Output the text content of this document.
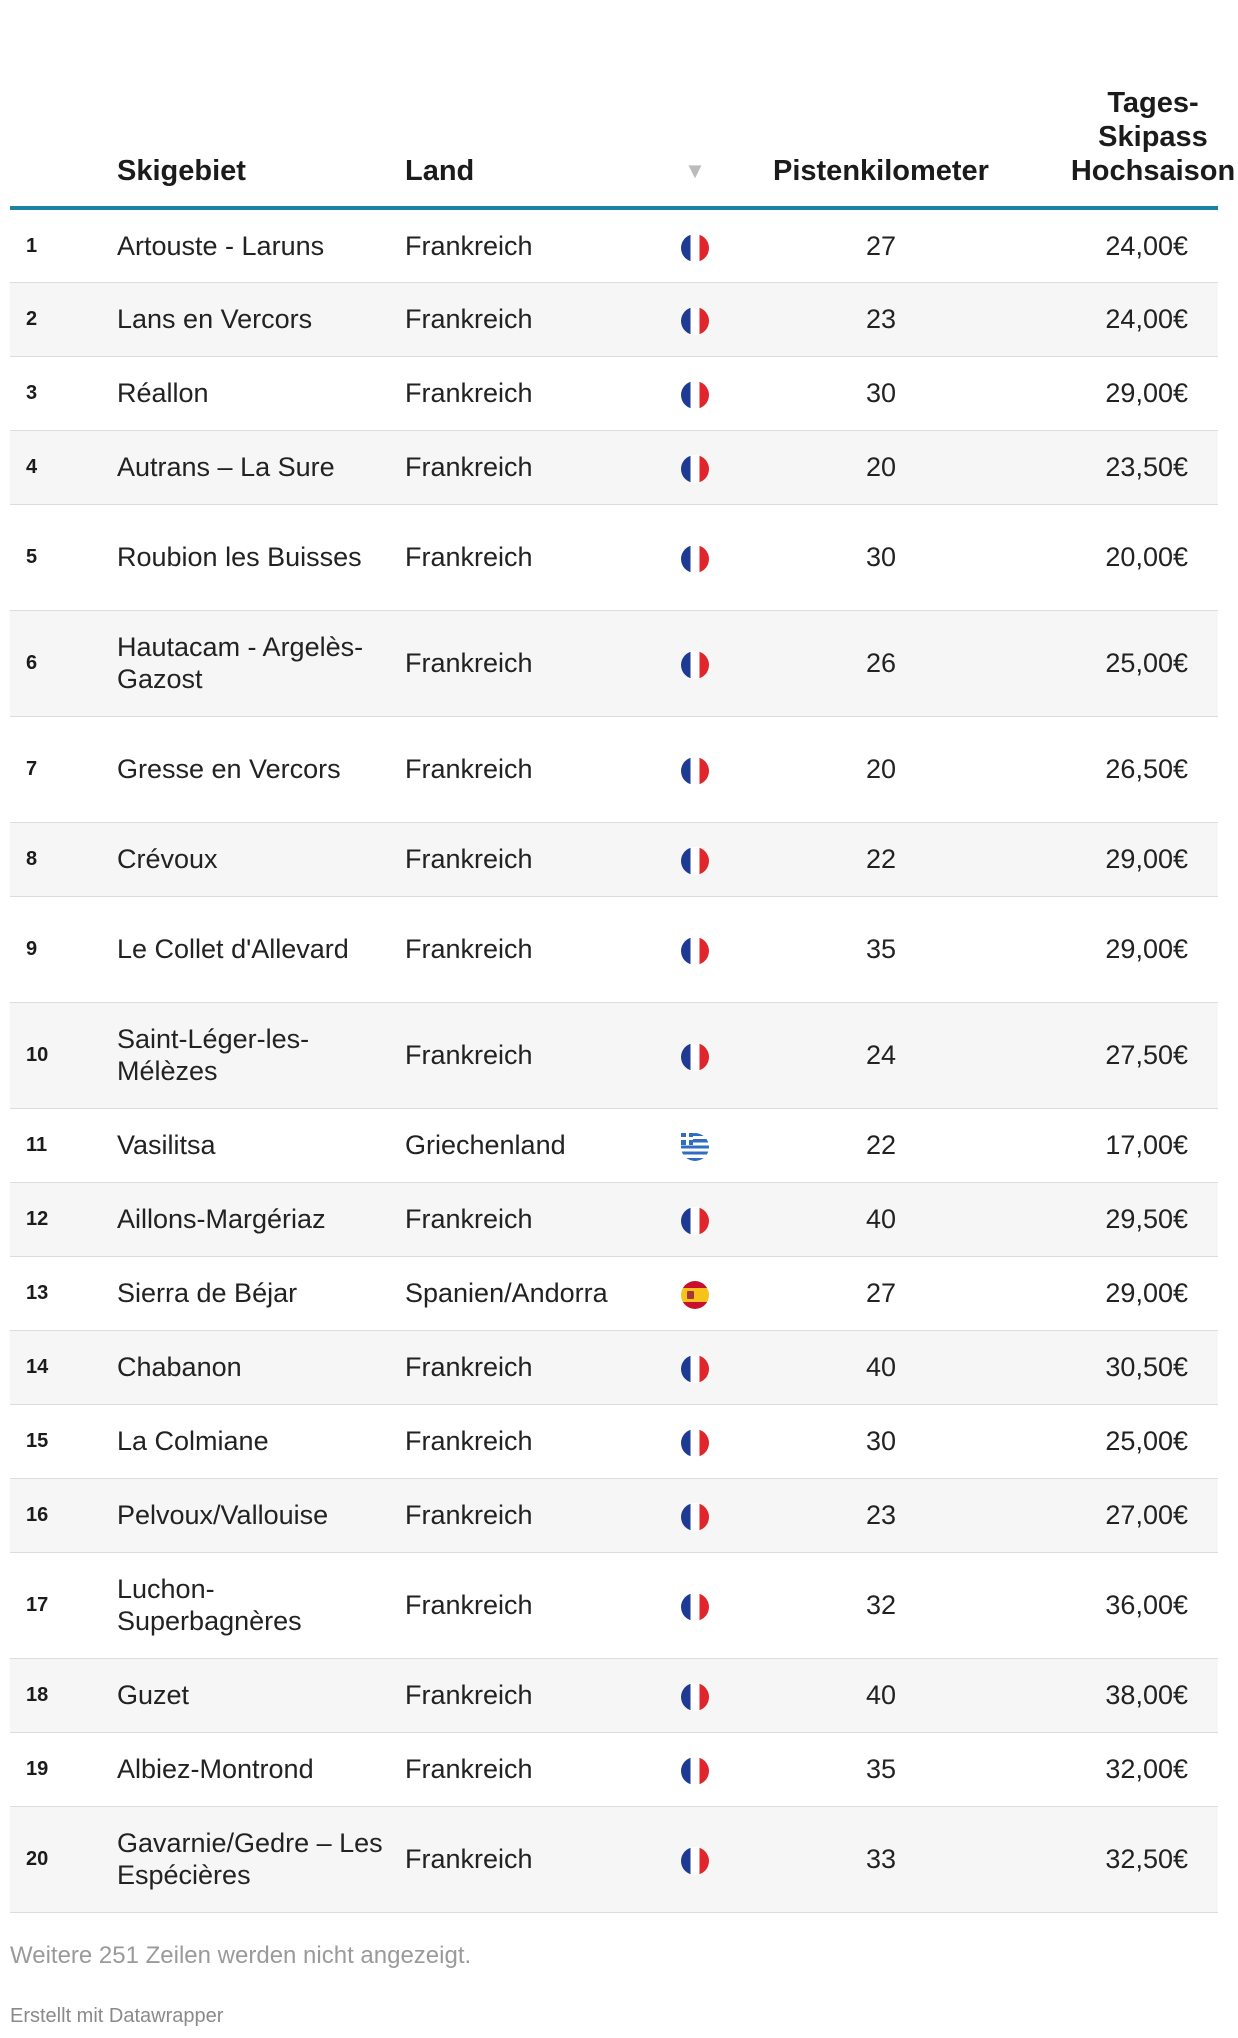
	Skigebiet	Land	▼	Pistenkilometer	Tages-Skipass Hochsaison
1	Artouste - Laruns	Frankreich		27	24,00€
2	Lans en Vercors	Frankreich		23	24,00€
3	Réallon	Frankreich		30	29,00€
4	Autrans – La Sure	Frankreich		20	23,50€
5	Roubion les Buisses	Frankreich		30	20,00€
6	Hautacam - Argelès-Gazost	Frankreich		26	25,00€
7	Gresse en Vercors	Frankreich		20	26,50€
8	Crévoux	Frankreich		22	29,00€
9	Le Collet d'Allevard	Frankreich		35	29,00€
10	Saint-Léger-les-Mélèzes	Frankreich		24	27,50€
11	Vasilitsa	Griechenland		22	17,00€
12	Aillons-Margériaz	Frankreich		40	29,50€
13	Sierra de Béjar	Spanien/Andorra		27	29,00€
14	Chabanon	Frankreich		40	30,50€
15	La Colmiane	Frankreich		30	25,00€
16	Pelvoux/Vallouise	Frankreich		23	27,00€
17	Luchon-Superbagnères	Frankreich		32	36,00€
18	Guzet	Frankreich		40	38,00€
19	Albiez-Montrond	Frankreich		35	32,00€
20	Gavarnie/Gedre – Les Espécières	Frankreich		33	32,50€
Weitere 251 Zeilen werden nicht angezeigt.
Erstellt mit Datawrapper
